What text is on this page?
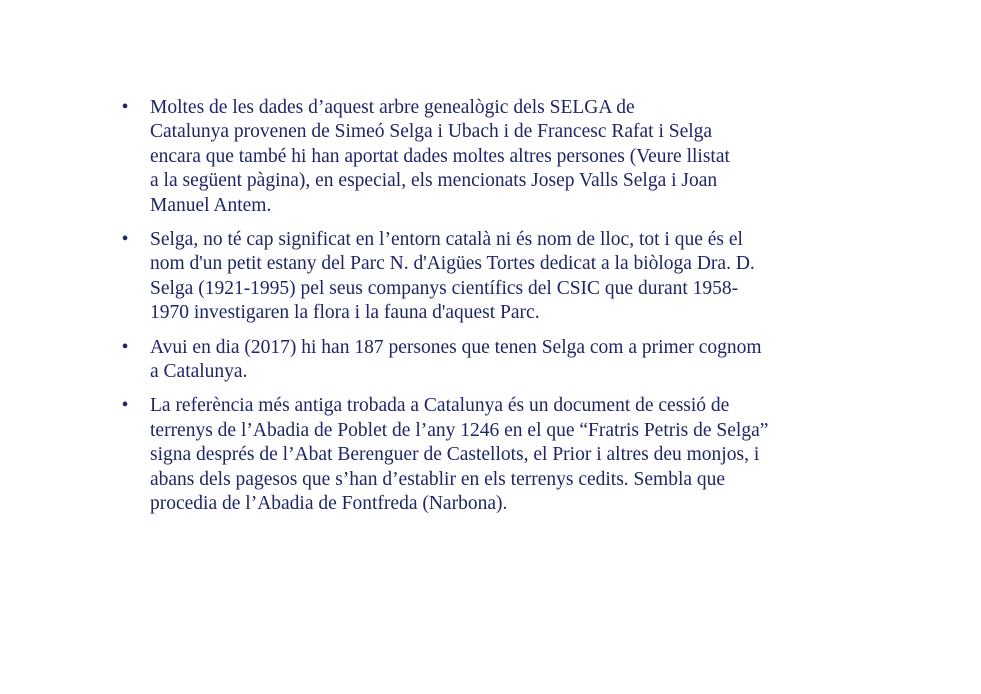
• Moltes de les dades d’aquest arbre genealògic dels SELGA de
Catalunya provenen de Simeó Selga i Ubach i de Francesc Rafat i Selga
encara que també hi han aportat dades moltes altres persones (Veure llistat
a la següent pàgina), en especial, els mencionats Josep Valls Selga i Joan
Manuel Antem.
• Selga, no té cap significat en l’entorn català ni és nom de lloc, tot i que és el
nom d'un petit estany del Parc N. d'Aigües Tortes dedicat a la biòloga Dra. D.
Selga (1921-1995) pel seus companys científics del CSIC que durant 1958-
1970 investigaren la flora i la fauna d'aquest Parc.
• Avui en dia (2017) hi han 187 persones que tenen Selga com a primer cognom
a Catalunya.
• La referència més antiga trobada a Catalunya és un document de cessió de
terrenys de l’Abadia de Poblet de l’any 1246 en el que “Fratris Petris de Selga”
signa després de l’Abat Berenguer de Castellots, el Prior i altres deu monjos, i
abans dels pagesos que s’han d’establir en els terrenys cedits. Sembla que
procedia de l’Abadia de Fontfreda (Narbona).
